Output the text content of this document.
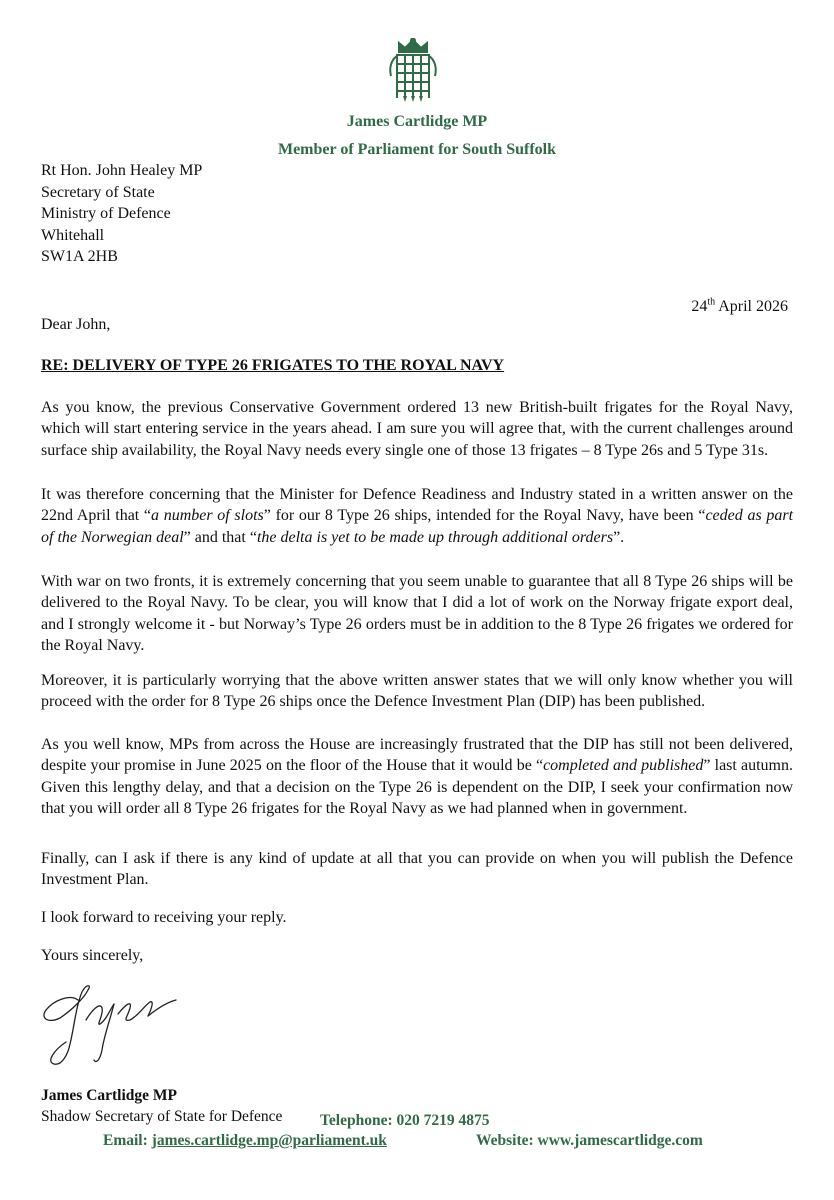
James Cartlidge MP
Member of Parliament for South Suffolk
Rt Hon. John Healey MP
Secretary of State
Ministry of Defence
Whitehall
SW1A 2HB
24th April 2026
Dear John,
RE: DELIVERY OF TYPE 26 FRIGATES TO THE ROYAL NAVY
As you know, the previous Conservative Government ordered 13 new British-built frigates for the Royal Navy, which will start entering service in the years ahead. I am sure you will agree that, with the current challenges around surface ship availability, the Royal Navy needs every single one of those 13 frigates – 8 Type 26s and 5 Type 31s.
It was therefore concerning that the Minister for Defence Readiness and Industry stated in a written answer on the 22nd April that “a number of slots” for our 8 Type 26 ships, intended for the Royal Navy, have been “ceded as part of the Norwegian deal” and that “the delta is yet to be made up through additional orders”.
With war on two fronts, it is extremely concerning that you seem unable to guarantee that all 8 Type 26 ships will be delivered to the Royal Navy. To be clear, you will know that I did a lot of work on the Norway frigate export deal, and I strongly welcome it - but Norway’s Type 26 orders must be in addition to the 8 Type 26 frigates we ordered for the Royal Navy.
Moreover, it is particularly worrying that the above written answer states that we will only know whether you will proceed with the order for 8 Type 26 ships once the Defence Investment Plan (DIP) has been published.
As you well know, MPs from across the House are increasingly frustrated that the DIP has still not been delivered, despite your promise in June 2025 on the floor of the House that it would be “completed and published” last autumn. Given this lengthy delay, and that a decision on the Type 26 is dependent on the DIP, I seek your confirmation now that you will order all 8 Type 26 frigates for the Royal Navy as we had planned when in government.
Finally, can I ask if there is any kind of update at all that you can provide on when you will publish the Defence Investment Plan.
I look forward to receiving your reply.
Yours sincerely,
James Cartlidge MP
Shadow Secretary of State for Defence Telephone: 020 7219 4875
Email: james.cartlidge.mp@parliament.uk	Website: www.jamescartlidge.com
